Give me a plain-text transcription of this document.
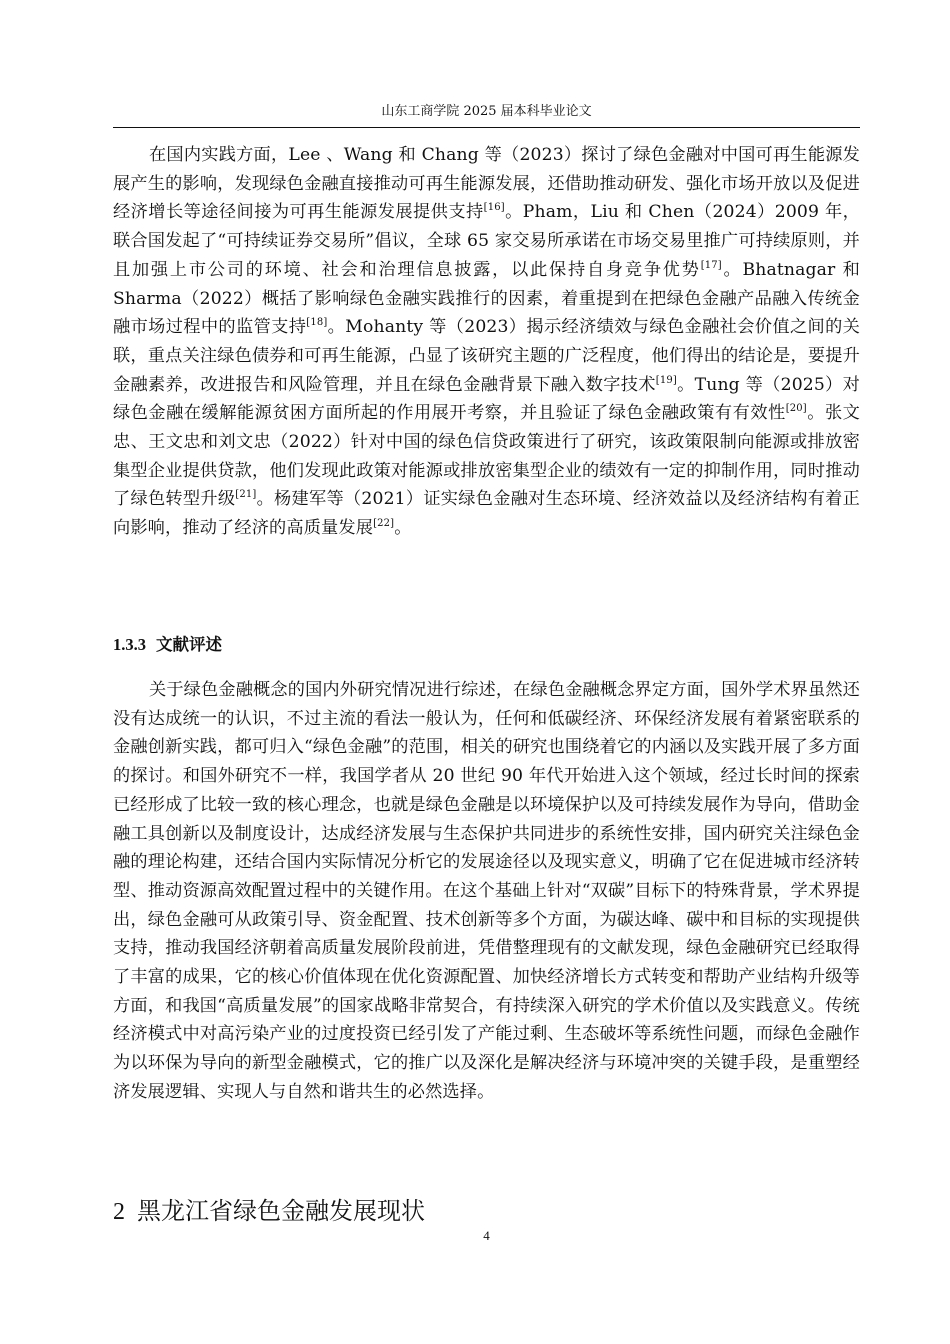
山东工商学院 2025 届本科毕业论文

在国内实践方面，Lee 、Wang 和 Chang 等（2023）探讨了绿色金融对中国可再生能源发展产生的影响，发现绿色金融直接推动可再生能源发展，还借助推动研发、强化市场开放以及促进经济增长等途径间接为可再生能源发展提供支持[16]。Pham，Liu 和 Chen（2024）2009 年，联合国发起了“可持续证券交易所”倡议，全球 65 家交易所承诺在市场交易里推广可持续原则，并且加强上市公司的环境、社会和治理信息披露，以此保持自身竞争优势[17]。Bhatnagar 和 Sharma（2022）概括了影响绿色金融实践推行的因素，着重提到在把绿色金融产品融入传统金融市场过程中的监管支持[18]。Mohanty 等（2023）揭示经济绩效与绿色金融社会价值之间的关联，重点关注绿色债券和可再生能源，凸显了该研究主题的广泛程度，他们得出的结论是，要提升金融素养，改进报告和风险管理，并且在绿色金融背景下融入数字技术[19]。Tung 等（2025）对绿色金融在缓解能源贫困方面所起的作用展开考察，并且验证了绿色金融政策有有效性[20]。张文忠、王文忠和刘文忠（2022）针对中国的绿色信贷政策进行了研究，该政策限制向能源或排放密集型企业提供贷款，他们发现此政策对能源或排放密集型企业的绩效有一定的抑制作用，同时推动了绿色转型升级[21]。杨建军等（2021）证实绿色金融对生态环境、经济效益以及经济结构有着正向影响，推动了经济的高质量发展[22]。

1.3.3 文献评述

关于绿色金融概念的国内外研究情况进行综述，在绿色金融概念界定方面，国外学术界虽然还没有达成统一的认识，不过主流的看法一般认为，任何和低碳经济、环保经济发展有着紧密联系的金融创新实践，都可归入“绿色金融”的范围，相关的研究也围绕着它的内涵以及实践开展了多方面的探讨。和国外研究不一样，我国学者从 20 世纪 90 年代开始进入这个领域，经过长时间的探索已经形成了比较一致的核心理念，也就是绿色金融是以环境保护以及可持续发展作为导向，借助金融工具创新以及制度设计，达成经济发展与生态保护共同进步的系统性安排，国内研究关注绿色金融的理论构建，还结合国内实际情况分析它的发展途径以及现实意义，明确了它在促进城市经济转型、推动资源高效配置过程中的关键作用。在这个基础上针对“双碳”目标下的特殊背景，学术界提出，绿色金融可从政策引导、资金配置、技术创新等多个方面，为碳达峰、碳中和目标的实现提供支持，推动我国经济朝着高质量发展阶段前进，凭借整理现有的文献发现，绿色金融研究已经取得了丰富的成果，它的核心价值体现在优化资源配置、加快经济增长方式转变和帮助产业结构升级等方面，和我国“高质量发展”的国家战略非常契合，有持续深入研究的学术价值以及实践意义。传统经济模式中对高污染产业的过度投资已经引发了产能过剩、生态破坏等系统性问题，而绿色金融作为以环保为导向的新型金融模式，它的推广以及深化是解决经济与环境冲突的关键手段，是重塑经济发展逻辑、实现人与自然和谐共生的必然选择。

2 黑龙江省绿色金融发展现状
4
